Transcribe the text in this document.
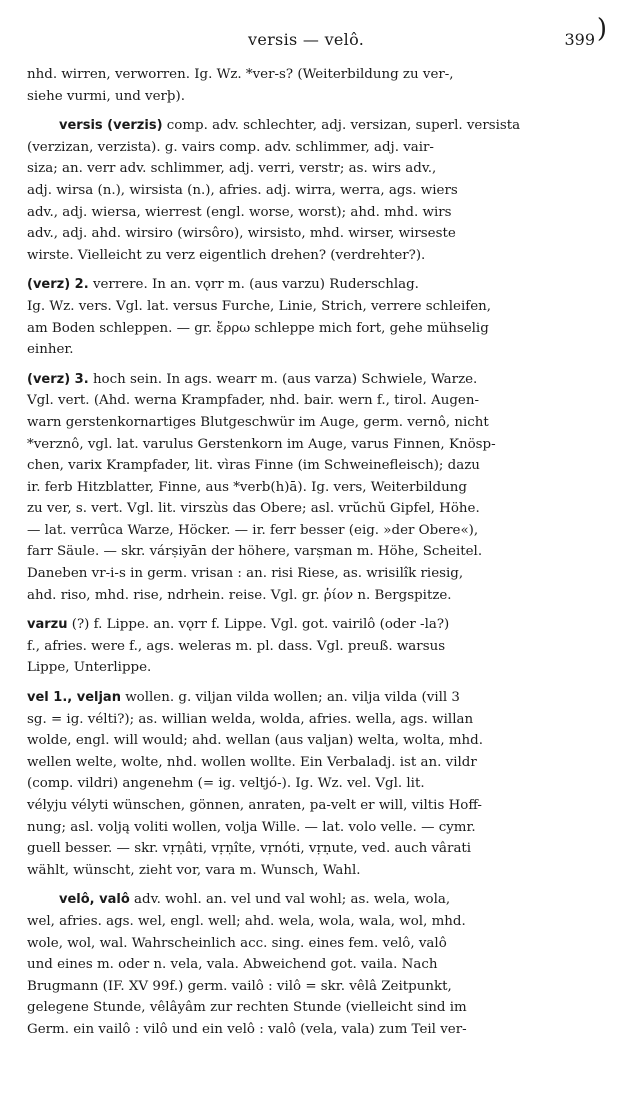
versis — velô.	399 )

nhd. wirren, verworren. Ig. Wz. *ver-s? (Weiterbildung zu ver-,

siehe vurmi, und verþ).

versis (verzis) comp. adv. schlechter, adj. versizan, superl. versista

(verzizan, verzista). g. vairs comp. adv. schlimmer, adj. vair-

siza; an. verr adv. schlimmer, adj. verri, verstr; as. wirs adv.,

adj. wirsa (n.), wirsista (n.), afries. adj. wirra, werra, ags. wiers

adv., adj. wiersa, wierrest (engl. worse, worst); ahd. mhd. wirs

adv., adj. ahd. wirsiro (wirsôro), wirsisto, mhd. wirser, wirseste

wirste. Vielleicht zu verz eigentlich drehen? (verdrehter?).

(verz) 2. verrere. In an. vǫrr m. (aus varzu) Ruderschlag.

Ig. Wz. vers. Vgl. lat. versus Furche, Linie, Strich, verrere schleifen,

am Boden schleppen. — gr. ἔρρω schleppe mich fort, gehe mühselig

einher.

(verz) 3. hoch sein. In ags. wearr m. (aus varza) Schwiele, Warze.

Vgl. vert. (Ahd. werna Krampfader, nhd. bair. wern f., tirol. Augen-

warn gerstenkornartiges Blutgeschwür im Auge, germ. vernô, nicht

*verznô, vgl. lat. varulus Gerstenkorn im Auge, varus Finnen, Knösp-

chen, varix Krampfader, lit. vìras Finne (im Schweinefleisch); dazu

ir. ferb Hitzblatter, Finne, aus *verb(h)ā). Ig. vers, Weiterbildung

zu ver, s. vert. Vgl. lit. virszùs das Obere; asl. vrŭchŭ Gipfel, Höhe.

— lat. verrûca Warze, Höcker. — ir. ferr besser (eig. »der Obere«),

farr Säule. — skr. várṣiyān der höhere, varṣman m. Höhe, Scheitel.

Daneben vr-i-s in germ. vrisan : an. risi Riese, as. wrisilîk riesig,

ahd. riso, mhd. rise, ndrhein. reise. Vgl. gr. ῥίον n. Bergspitze.

varzu (?) f. Lippe. an. vǫrr f. Lippe. Vgl. got. vairilô (oder -la?)

f., afries. were f., ags. weleras m. pl. dass. Vgl. preuß. warsus

Lippe, Unterlippe.

vel 1., veljan wollen. g. viljan vilda wollen; an. vilja vilda (vill 3

sg. = ig. vélti?); as. willian welda, wolda, afries. wella, ags. willan

wolde, engl. will would; ahd. wellan (aus valjan) welta, wolta, mhd.

wellen welte, wolte, nhd. wollen wollte. Ein Verbaladj. ist an. vildr

(comp. vildri) angenehm (= ig. veltjó-). Ig. Wz. vel. Vgl. lit.

vélyju vélyti wünschen, gönnen, anraten, pa-velt er will, viltis Hoff-

nung; asl. volją voliti wollen, volja Wille. — lat. volo velle. — cymr.

guell besser. — skr. vṛṇâti, vṛṇîte, vṛnóti, vṛṇute, ved. auch vârati

wählt, wünscht, zieht vor, vara m. Wunsch, Wahl.

velô, valô adv. wohl. an. vel und val wohl; as. wela, wola,

wel, afries. ags. wel, engl. well; ahd. wela, wola, wala, wol, mhd.

wole, wol, wal. Wahrscheinlich acc. sing. eines fem. velô, valô

und eines m. oder n. vela, vala. Abweichend got. vaila. Nach

Brugmann (IF. XV 99f.) germ. vailô : vilô = skr. vêlâ Zeitpunkt,

gelegene Stunde, vêlâyâm zur rechten Stunde (vielleicht sind im

Germ. ein vailô : vilô und ein velô : valô (vela, vala) zum Teil ver-
